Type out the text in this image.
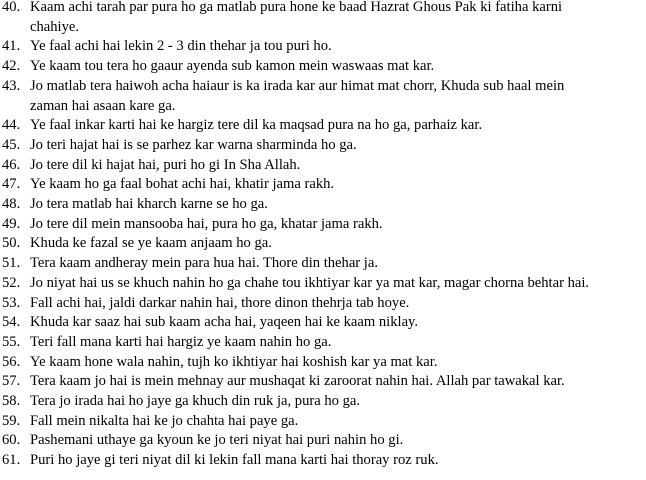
40. Kaam achi tarah par pura ho ga matlab pura hone ke baad Hazrat Ghous Pak ki fatiha karni
chahiye.
41. Ye faal achi hai lekin 2 - 3 din thehar ja tou puri ho.
42. Ye kaam tou tera ho gaaur ayenda sub kamon mein waswaas mat kar.
43. Jo matlab tera haiwoh acha haiaur is ka irada kar aur himat mat chorr, Khuda sub haal mein
zaman hai asaan kare ga.
44. Ye faal inkar karti hai ke hargiz tere dil ka maqsad pura na ho ga, parhaiz kar.
45. Jo teri hajat hai is se parhez kar warna sharminda ho ga.
46. Jo tere dil ki hajat hai, puri ho gi In Sha Allah.
47. Ye kaam ho ga faal bohat achi hai, khatir jama rakh.
48. Jo tera matlab hai kharch karne se ho ga.
49. Jo tere dil mein mansooba hai, pura ho ga, khatar jama rakh.
50. Khuda ke fazal se ye kaam anjaam ho ga.
51. Tera kaam andheray mein para hua hai. Thore din thehar ja.
52. Jo niyat hai us se khuch nahin ho ga chahe tou ikhtiyar kar ya mat kar, magar chorna behtar hai.
53. Fall achi hai, jaldi darkar nahin hai, thore dinon thehrja tab hoye.
54. Khuda kar saaz hai sub kaam acha hai, yaqeen hai ke kaam niklay.
55. Teri fall mana karti hai hargiz ye kaam nahin ho ga.
56. Ye kaam hone wala nahin, tujh ko ikhtiyar hai koshish kar ya mat kar.
57. Tera kaam jo hai is mein mehnay aur mushaqat ki zaroorat nahin hai. Allah par tawakal kar.
58. Tera jo irada hai ho jaye ga khuch din ruk ja, pura ho ga.
59. Fall mein nikalta hai ke jo chahta hai paye ga.
60. Pashemani uthaye ga kyoun ke jo teri niyat hai puri nahin ho gi.
61. Puri ho jaye gi teri niyat dil ki lekin fall mana karti hai thoray roz ruk.
